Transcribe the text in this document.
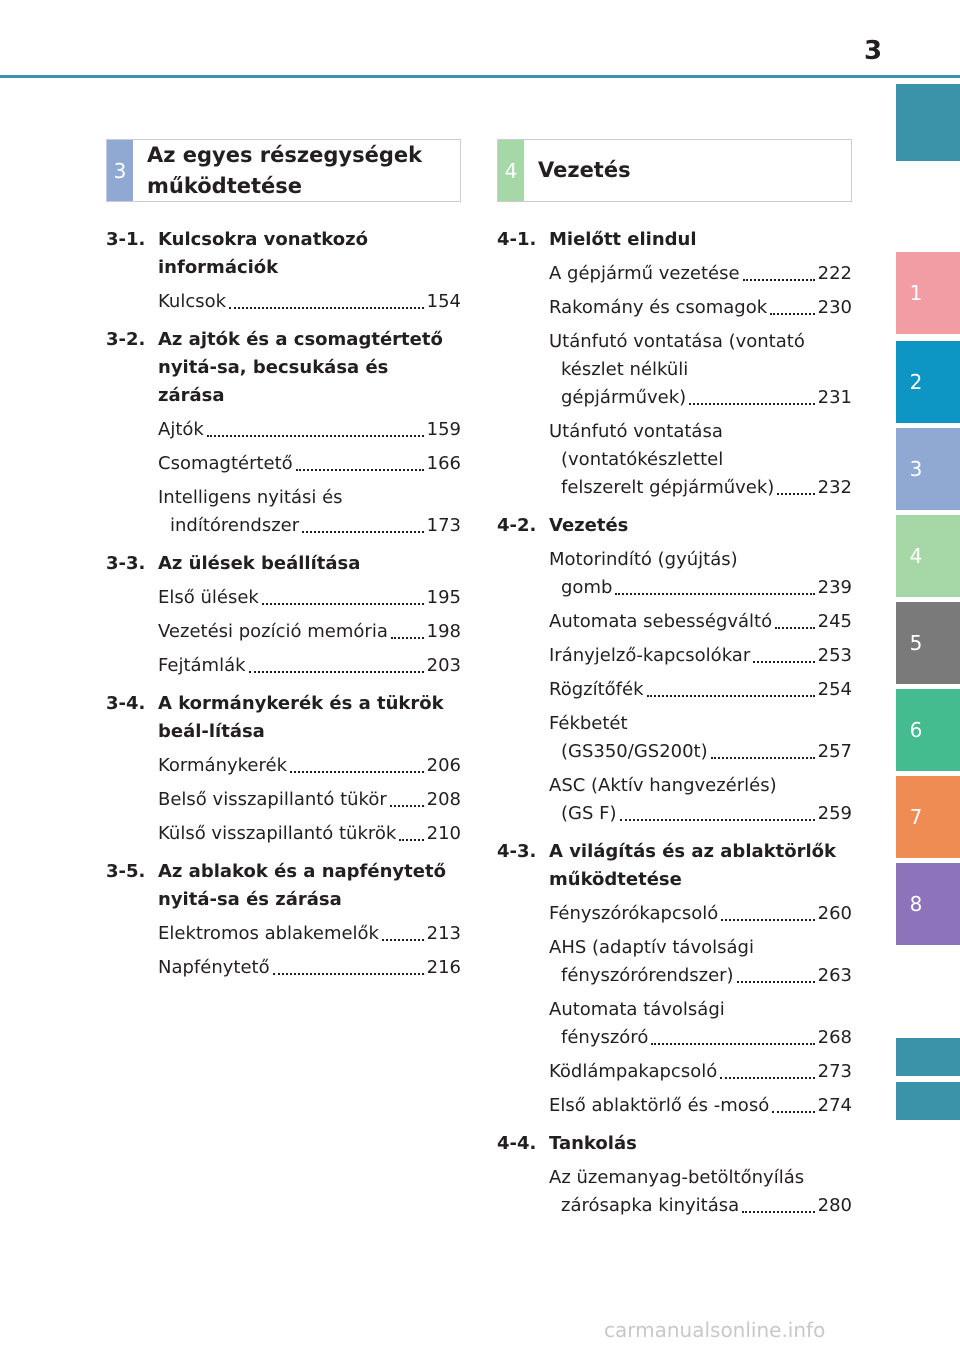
3
1
2
3
4
5
6
7
8
3
Az egyes részegységek
működtetése
3-1. Kulcsokra vonatkozó információk
Kulcsok	154
3-2. Az ajtók és a csomagtértető nyitá-sa, becsukása és zárása
Ajtók	159
Csomagtértető	166
Intelligens nyitási és
indítórendszer	173
3-3. Az ülések beállítása
Első ülések	195
Vezetési pozíció memória 198
Fejtámlák	203
3-4. A kormánykerék és a tükrök beál-lítása
Kormánykerék	206
Belső visszapillantó tükör 208
Külső visszapillantó tükrök 210
3-5. Az ablakok és a napfénytető nyitá-sa és zárása
Elektromos ablakemelők	213
Napfénytető	216
4 Vezetés
4-1. Mielőtt elindul
A gépjármű vezetése	222
Rakomány és csomagok	230
Utánfutó vontatása (vontató
készlet nélküli
gépjárművek)	231
Utánfutó vontatása
(vontatókészlettel
felszerelt gépjárművek) 232
4-2. Vezetés
Motorindító (gyújtás)
gomb	239
Automata sebességváltó	245
Irányjelző-kapcsolókar	253
Rögzítőfék	254
Fékbetét
(GS350/GS200t)	257
ASC (Aktív hangvezérlés)
(GS F)	259
4-3. A világítás és az ablaktörlők működtetése
Fényszórókapcsoló	260
AHS (adaptív távolsági
fényszórórendszer)	263
Automata távolsági
fényszóró	268
Ködlámpakapcsoló	273
Első ablaktörlő és -mosó	274
4-4. Tankolás
Az üzemanyag-betöltőnyílás
zárósapka kinyitása	280
carmanualsonline.info
